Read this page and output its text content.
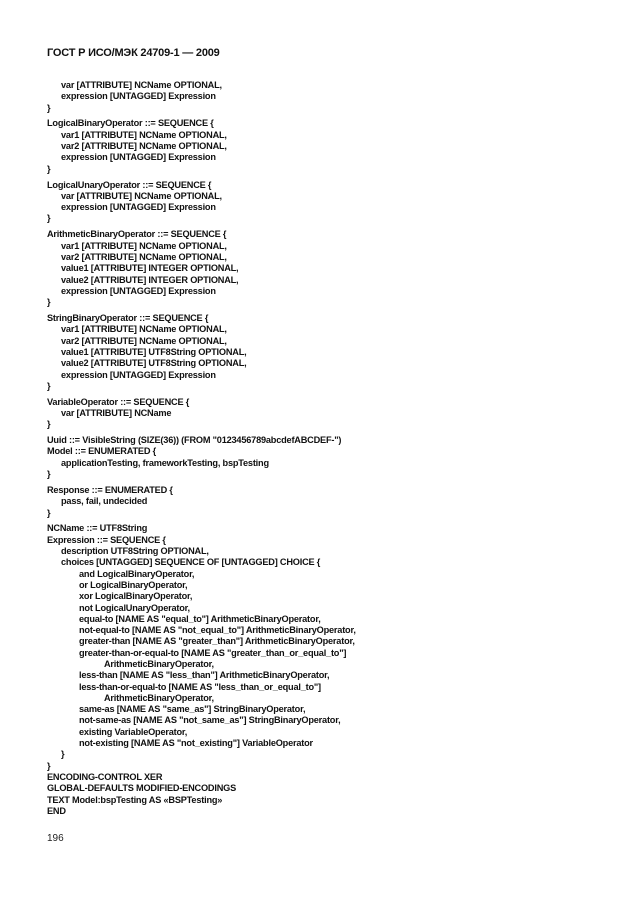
ГОСТ Р ИСО/МЭК 24709-1 — 2009
var [ATTRIBUTE] NCName OPTIONAL,
expression [UNTAGGED] Expression
}
LogicalBinaryOperator ::= SEQUENCE {
var1 [ATTRIBUTE] NCName OPTIONAL,
var2 [ATTRIBUTE] NCName OPTIONAL,
expression [UNTAGGED] Expression
}
LogicalUnaryOperator ::= SEQUENCE {
var [ATTRIBUTE] NCName OPTIONAL,
expression [UNTAGGED] Expression
}
ArithmeticBinaryOperator ::= SEQUENCE {
var1 [ATTRIBUTE] NCName OPTIONAL,
var2 [ATTRIBUTE] NCName OPTIONAL,
value1 [ATTRIBUTE] INTEGER OPTIONAL,
value2 [ATTRIBUTE] INTEGER OPTIONAL,
expression [UNTAGGED] Expression
}
StringBinaryOperator ::= SEQUENCE {
var1 [ATTRIBUTE] NCName OPTIONAL,
var2 [ATTRIBUTE] NCName OPTIONAL,
value1 [ATTRIBUTE] UTF8String OPTIONAL,
value2 [ATTRIBUTE] UTF8String OPTIONAL,
expression [UNTAGGED] Expression
}
VariableOperator ::= SEQUENCE {
var [ATTRIBUTE] NCName
}
Uuid ::= VisibleString (SIZE(36)) (FROM "0123456789abcdefABCDEF-")
Model ::= ENUMERATED {
applicationTesting, frameworkTesting, bspTesting
}
Response ::= ENUMERATED {
pass, fail, undecided
}
NCName ::= UTF8String
Expression ::= SEQUENCE {
description UTF8String OPTIONAL,
choices [UNTAGGED] SEQUENCE OF [UNTAGGED] CHOICE {
and LogicalBinaryOperator,
or LogicalBinaryOperator,
xor LogicalBinaryOperator,
not LogicalUnaryOperator,
equal-to [NAME AS "equal_to"] ArithmeticBinaryOperator,
not-equal-to [NAME AS "not_equal_to"] ArithmeticBinaryOperator,
greater-than [NAME AS "greater_than"] ArithmeticBinaryOperator,
greater-than-or-equal-to [NAME AS "greater_than_or_equal_to"]
ArithmeticBinaryOperator,
less-than [NAME AS "less_than"] ArithmeticBinaryOperator,
less-than-or-equal-to [NAME AS "less_than_or_equal_to"]
ArithmeticBinaryOperator,
same-as [NAME AS "same_as"] StringBinaryOperator,
not-same-as [NAME AS "not_same_as"] StringBinaryOperator,
existing VariableOperator,
not-existing [NAME AS "not_existing"] VariableOperator
}
}
ENCODING-CONTROL XER
GLOBAL-DEFAULTS MODIFIED-ENCODINGS
TEXT Model:bspTesting AS «BSPTesting»
END
196
